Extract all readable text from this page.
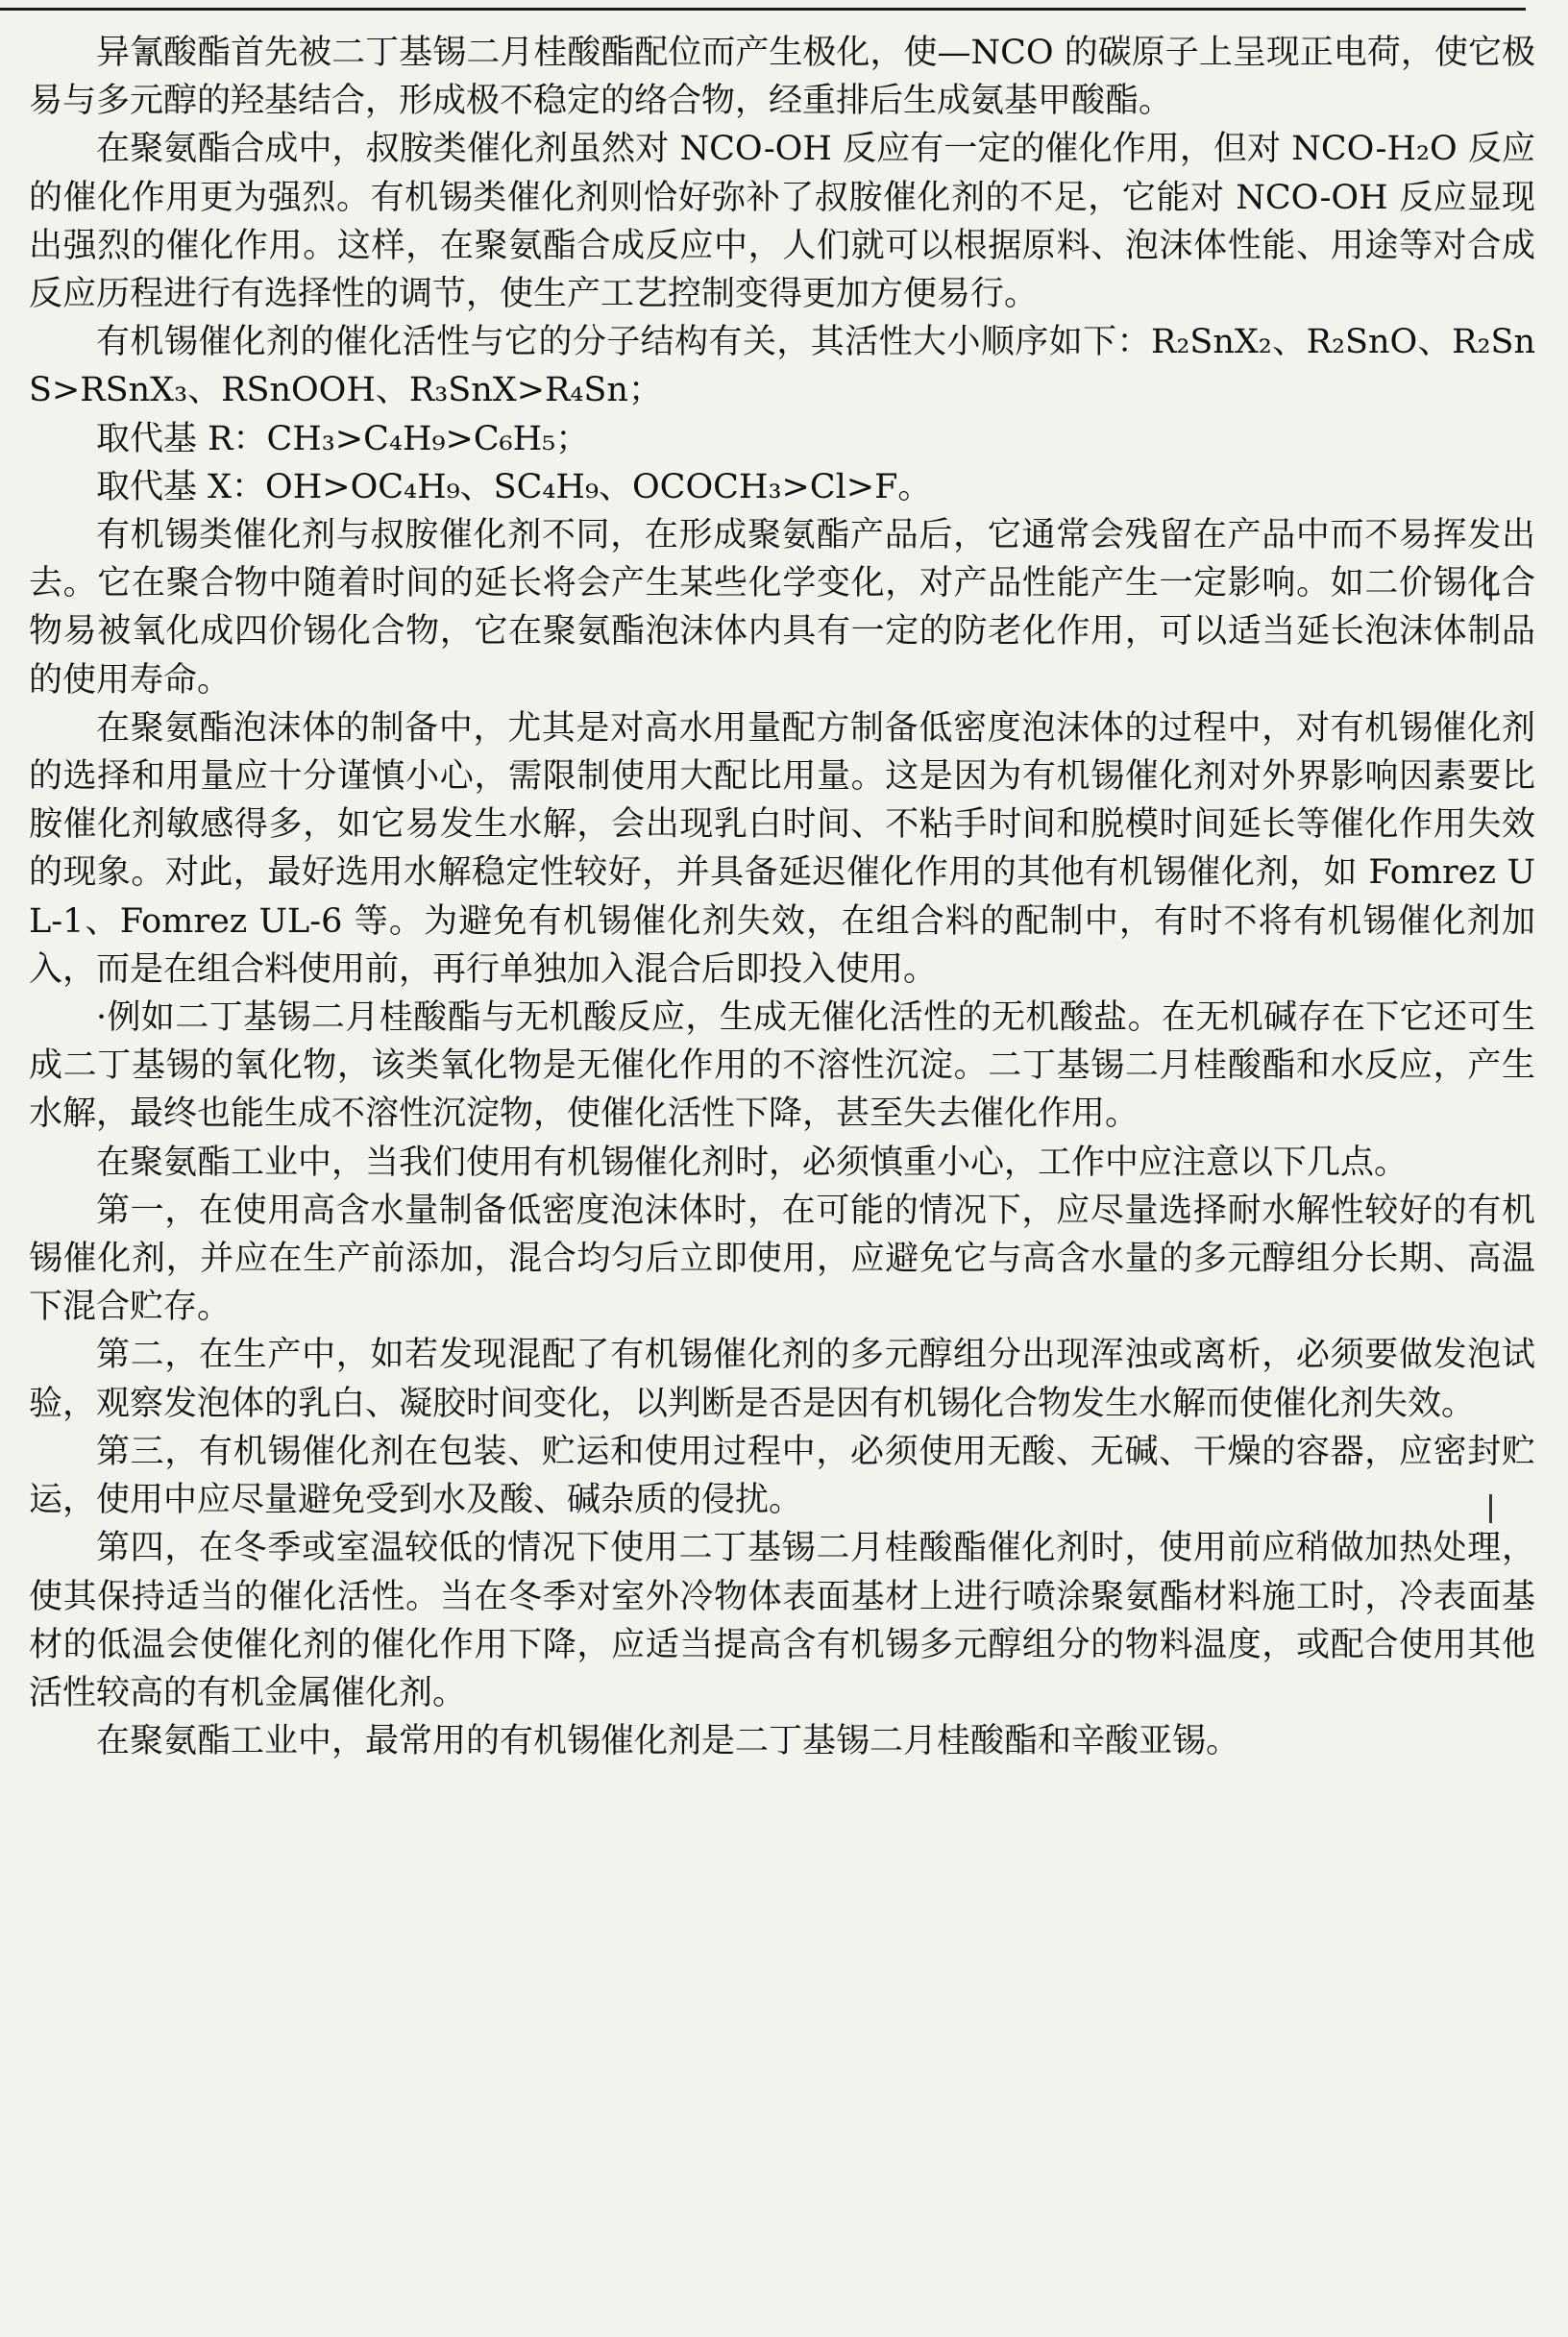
异氰酸酯首先被二丁基锡二月桂酸酯配位而产生极化，使—NCO 的碳原子上呈现正电荷，使它极易与多元醇的羟基结合，形成极不稳定的络合物，经重排后生成氨基甲酸酯。

在聚氨酯合成中，叔胺类催化剂虽然对 NCO-OH 反应有一定的催化作用，但对 NCO-H₂O 反应的催化作用更为强烈。有机锡类催化剂则恰好弥补了叔胺催化剂的不足，它能对 NCO-OH 反应显现出强烈的催化作用。这样，在聚氨酯合成反应中，人们就可以根据原料、泡沫体性能、用途等对合成反应历程进行有选择性的调节，使生产工艺控制变得更加方便易行。

有机锡催化剂的催化活性与它的分子结构有关，其活性大小顺序如下：R₂SnX₂、R₂SnO、R₂SnS>RSnX₃、RSnOOH、R₃SnX>R₄Sn；

取代基 R：CH₃>C₄H₉>C₆H₅；

取代基 X：OH>OC₄H₉、SC₄H₉、OCOCH₃>Cl>F。

有机锡类催化剂与叔胺催化剂不同，在形成聚氨酯产品后，它通常会残留在产品中而不易挥发出去。它在聚合物中随着时间的延长将会产生某些化学变化，对产品性能产生一定影响。如二价锡化合物易被氧化成四价锡化合物，它在聚氨酯泡沫体内具有一定的防老化作用，可以适当延长泡沫体制品的使用寿命。

在聚氨酯泡沫体的制备中，尤其是对高水用量配方制备低密度泡沫体的过程中，对有机锡催化剂的选择和用量应十分谨慎小心，需限制使用大配比用量。这是因为有机锡催化剂对外界影响因素要比胺催化剂敏感得多，如它易发生水解，会出现乳白时间、不粘手时间和脱模时间延长等催化作用失效的现象。对此，最好选用水解稳定性较好，并具备延迟催化作用的其他有机锡催化剂，如 Fomrez UL-1、Fomrez UL-6 等。为避免有机锡催化剂失效，在组合料的配制中，有时不将有机锡催化剂加入，而是在组合料使用前，再行单独加入混合后即投入使用。

·例如二丁基锡二月桂酸酯与无机酸反应，生成无催化活性的无机酸盐。在无机碱存在下它还可生成二丁基锡的氧化物，该类氧化物是无催化作用的不溶性沉淀。二丁基锡二月桂酸酯和水反应，产生水解，最终也能生成不溶性沉淀物，使催化活性下降，甚至失去催化作用。

在聚氨酯工业中，当我们使用有机锡催化剂时，必须慎重小心，工作中应注意以下几点。

第一，在使用高含水量制备低密度泡沫体时，在可能的情况下，应尽量选择耐水解性较好的有机锡催化剂，并应在生产前添加，混合均匀后立即使用，应避免它与高含水量的多元醇组分长期、高温下混合贮存。

第二，在生产中，如若发现混配了有机锡催化剂的多元醇组分出现浑浊或离析，必须要做发泡试验，观察发泡体的乳白、凝胶时间变化，以判断是否是因有机锡化合物发生水解而使催化剂失效。

第三，有机锡催化剂在包装、贮运和使用过程中，必须使用无酸、无碱、干燥的容器，应密封贮运，使用中应尽量避免受到水及酸、碱杂质的侵扰。

第四，在冬季或室温较低的情况下使用二丁基锡二月桂酸酯催化剂时，使用前应稍做加热处理，使其保持适当的催化活性。当在冬季对室外冷物体表面基材上进行喷涂聚氨酯材料施工时，冷表面基材的低温会使催化剂的催化作用下降，应适当提高含有机锡多元醇组分的物料温度，或配合使用其他活性较高的有机金属催化剂。

在聚氨酯工业中，最常用的有机锡催化剂是二丁基锡二月桂酸酯和辛酸亚锡。
